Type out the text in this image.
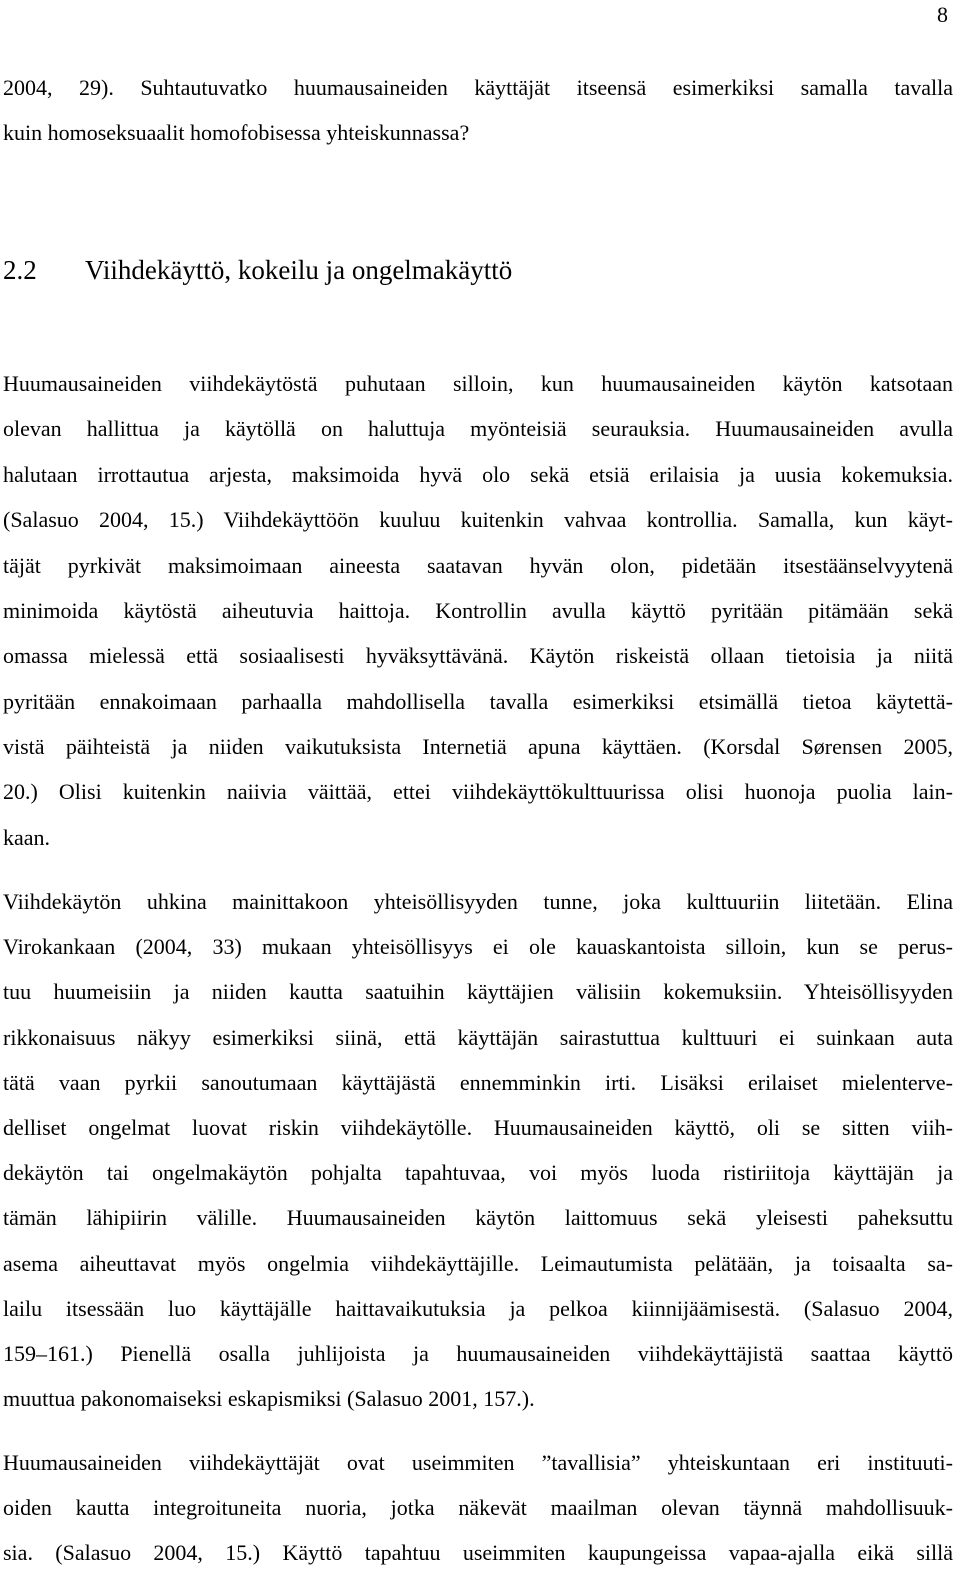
8
2004, 29). Suhtautuvatko huumausaineiden käyttäjät itseensä esimerkiksi samalla tavalla
kuin homoseksuaalit homofobisessa yhteiskunnassa?
2.2 Viihdekäyttö, kokeilu ja ongelmakäyttö
Huumausaineiden viihdekäytöstä puhutaan silloin, kun huumausaineiden käytön katsotaan
olevan hallittua ja käytöllä on haluttuja myönteisiä seurauksia. Huumausaineiden avulla
halutaan irrottautua arjesta, maksimoida hyvä olo sekä etsiä erilaisia ja uusia kokemuksia.
(Salasuo 2004, 15.) Viihdekäyttöön kuuluu kuitenkin vahvaa kontrollia. Samalla, kun käyt-
täjät pyrkivät maksimoimaan aineesta saatavan hyvän olon, pidetään itsestäänselvyytenä
minimoida käytöstä aiheutuvia haittoja. Kontrollin avulla käyttö pyritään pitämään sekä
omassa mielessä että sosiaalisesti hyväksyttävänä. Käytön riskeistä ollaan tietoisia ja niitä
pyritään ennakoimaan parhaalla mahdollisella tavalla esimerkiksi etsimällä tietoa käytettä-
vistä päihteistä ja niiden vaikutuksista Internetiä apuna käyttäen. (Korsdal Sørensen 2005,
20.) Olisi kuitenkin naiivia väittää, ettei viihdekäyttökulttuurissa olisi huonoja puolia lain-
kaan.
Viihdekäytön uhkina mainittakoon yhteisöllisyyden tunne, joka kulttuuriin liitetään. Elina
Virokankaan (2004, 33) mukaan yhteisöllisyys ei ole kauaskantoista silloin, kun se perus-
tuu huumeisiin ja niiden kautta saatuihin käyttäjien välisiin kokemuksiin. Yhteisöllisyyden
rikkonaisuus näkyy esimerkiksi siinä, että käyttäjän sairastuttua kulttuuri ei suinkaan auta
tätä vaan pyrkii sanoutumaan käyttäjästä ennemminkin irti. Lisäksi erilaiset mielenterve-
delliset ongelmat luovat riskin viihdekäytölle. Huumausaineiden käyttö, oli se sitten viih-
dekäytön tai ongelmakäytön pohjalta tapahtuvaa, voi myös luoda ristiriitoja käyttäjän ja
tämän lähipiirin välille. Huumausaineiden käytön laittomuus sekä yleisesti paheksuttu
asema aiheuttavat myös ongelmia viihdekäyttäjille. Leimautumista pelätään, ja toisaalta sa-
lailu itsessään luo käyttäjälle haittavaikutuksia ja pelkoa kiinnijäämisestä. (Salasuo 2004,
159–161.) Pienellä osalla juhlijoista ja huumausaineiden viihdekäyttäjistä saattaa käyttö
muuttua pakonomaiseksi eskapismiksi (Salasuo 2001, 157.).
Huumausaineiden viihdekäyttäjät ovat useimmiten ”tavallisia” yhteiskuntaan eri instituuti-
oiden kautta integroituneita nuoria, jotka näkevät maailman olevan täynnä mahdollisuuk-
sia. (Salasuo 2004, 15.) Käyttö tapahtuu useimmiten kaupungeissa vapaa-ajalla eikä sillä
